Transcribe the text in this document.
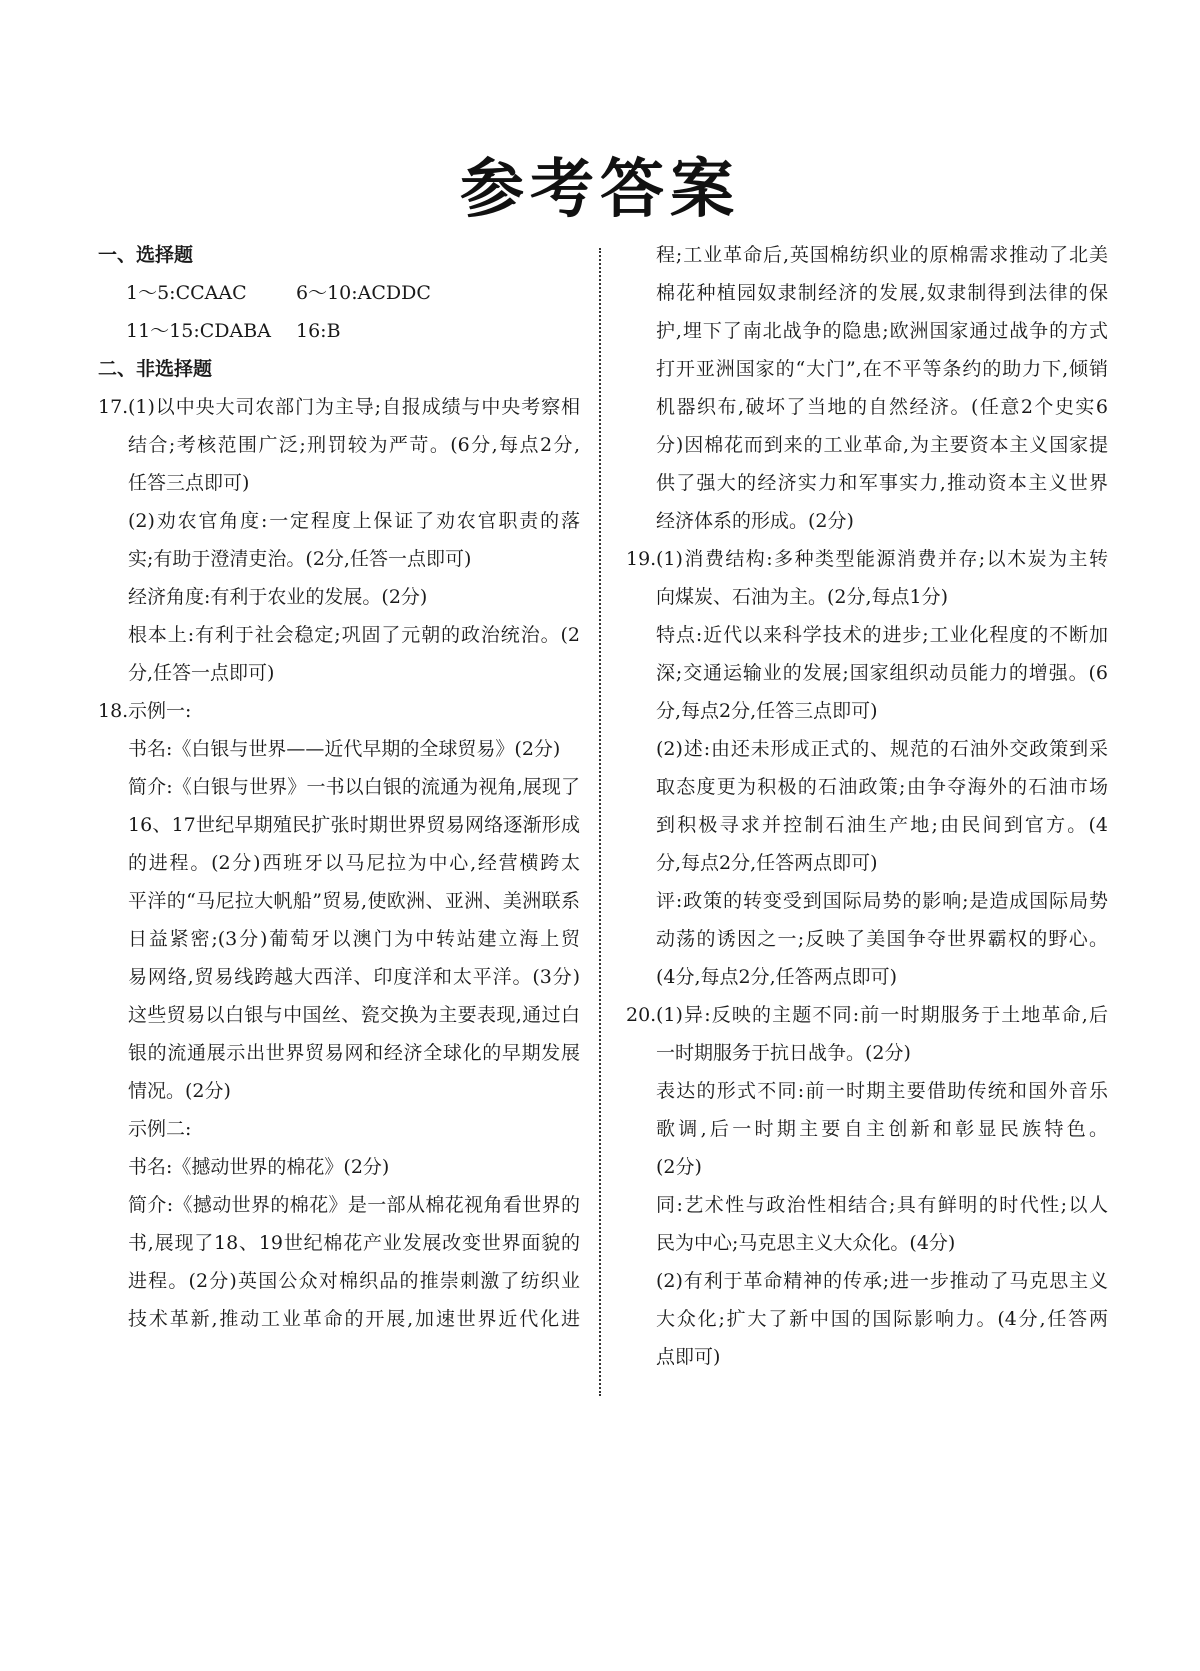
参考答案
一、选择题
1～5:CCAAC	6～10:ACDDC
11～15:CDABA	16:B
二、非选择题
17. (1)以中央大司农部门为主导;自报成绩与中央考察相
结合;考核范围广泛;刑罚较为严苛。(6分,每点2分,
任答三点即可)
(2)劝农官角度:一定程度上保证了劝农官职责的落
实;有助于澄清吏治。(2分,任答一点即可)
经济角度:有利于农业的发展。(2分)
根本上:有利于社会稳定;巩固了元朝的政治统治。(2
分,任答一点即可)
18. 示例一:
书名:《白银与世界——近代早期的全球贸易》(2分)
简介:《白银与世界》一书以白银的流通为视角,展现了
16、17世纪早期殖民扩张时期世界贸易网络逐渐形成
的进程。(2分)西班牙以马尼拉为中心,经营横跨太
平洋的“马尼拉大帆船”贸易,使欧洲、亚洲、美洲联系
日益紧密;(3分)葡萄牙以澳门为中转站建立海上贸
易网络,贸易线跨越大西洋、印度洋和太平洋。(3分)
这些贸易以白银与中国丝、瓷交换为主要表现,通过白
银的流通展示出世界贸易网和经济全球化的早期发展
情况。(2分)
示例二:
书名:《撼动世界的棉花》(2分)
简介:《撼动世界的棉花》是一部从棉花视角看世界的
书,展现了18、19世纪棉花产业发展改变世界面貌的
进程。(2分)英国公众对棉织品的推崇刺激了纺织业
技术革新,推动工业革命的开展,加速世界近代化进
程;工业革命后,英国棉纺织业的原棉需求推动了北美
棉花种植园奴隶制经济的发展,奴隶制得到法律的保
护,埋下了南北战争的隐患;欧洲国家通过战争的方式
打开亚洲国家的“大门”,在不平等条约的助力下,倾销
机器织布,破坏了当地的自然经济。(任意2个史实6
分)因棉花而到来的工业革命,为主要资本主义国家提
供了强大的经济实力和军事实力,推动资本主义世界
经济体系的形成。(2分)
19. (1)消费结构:多种类型能源消费并存;以木炭为主转
向煤炭、石油为主。(2分,每点1分)
特点:近代以来科学技术的进步;工业化程度的不断加
深;交通运输业的发展;国家组织动员能力的增强。(6
分,每点2分,任答三点即可)
(2)述:由还未形成正式的、规范的石油外交政策到采
取态度更为积极的石油政策;由争夺海外的石油市场
到积极寻求并控制石油生产地;由民间到官方。(4
分,每点2分,任答两点即可)
评:政策的转变受到国际局势的影响;是造成国际局势
动荡的诱因之一;反映了美国争夺世界霸权的野心。
(4分,每点2分,任答两点即可)
20. (1)异:反映的主题不同:前一时期服务于土地革命,后
一时期服务于抗日战争。(2分)
表达的形式不同:前一时期主要借助传统和国外音乐
歌调,后一时期主要自主创新和彰显民族特色。
(2分)
同:艺术性与政治性相结合;具有鲜明的时代性;以人
民为中心;马克思主义大众化。(4分)
(2)有利于革命精神的传承;进一步推动了马克思主义
大众化;扩大了新中国的国际影响力。(4分,任答两
点即可)
